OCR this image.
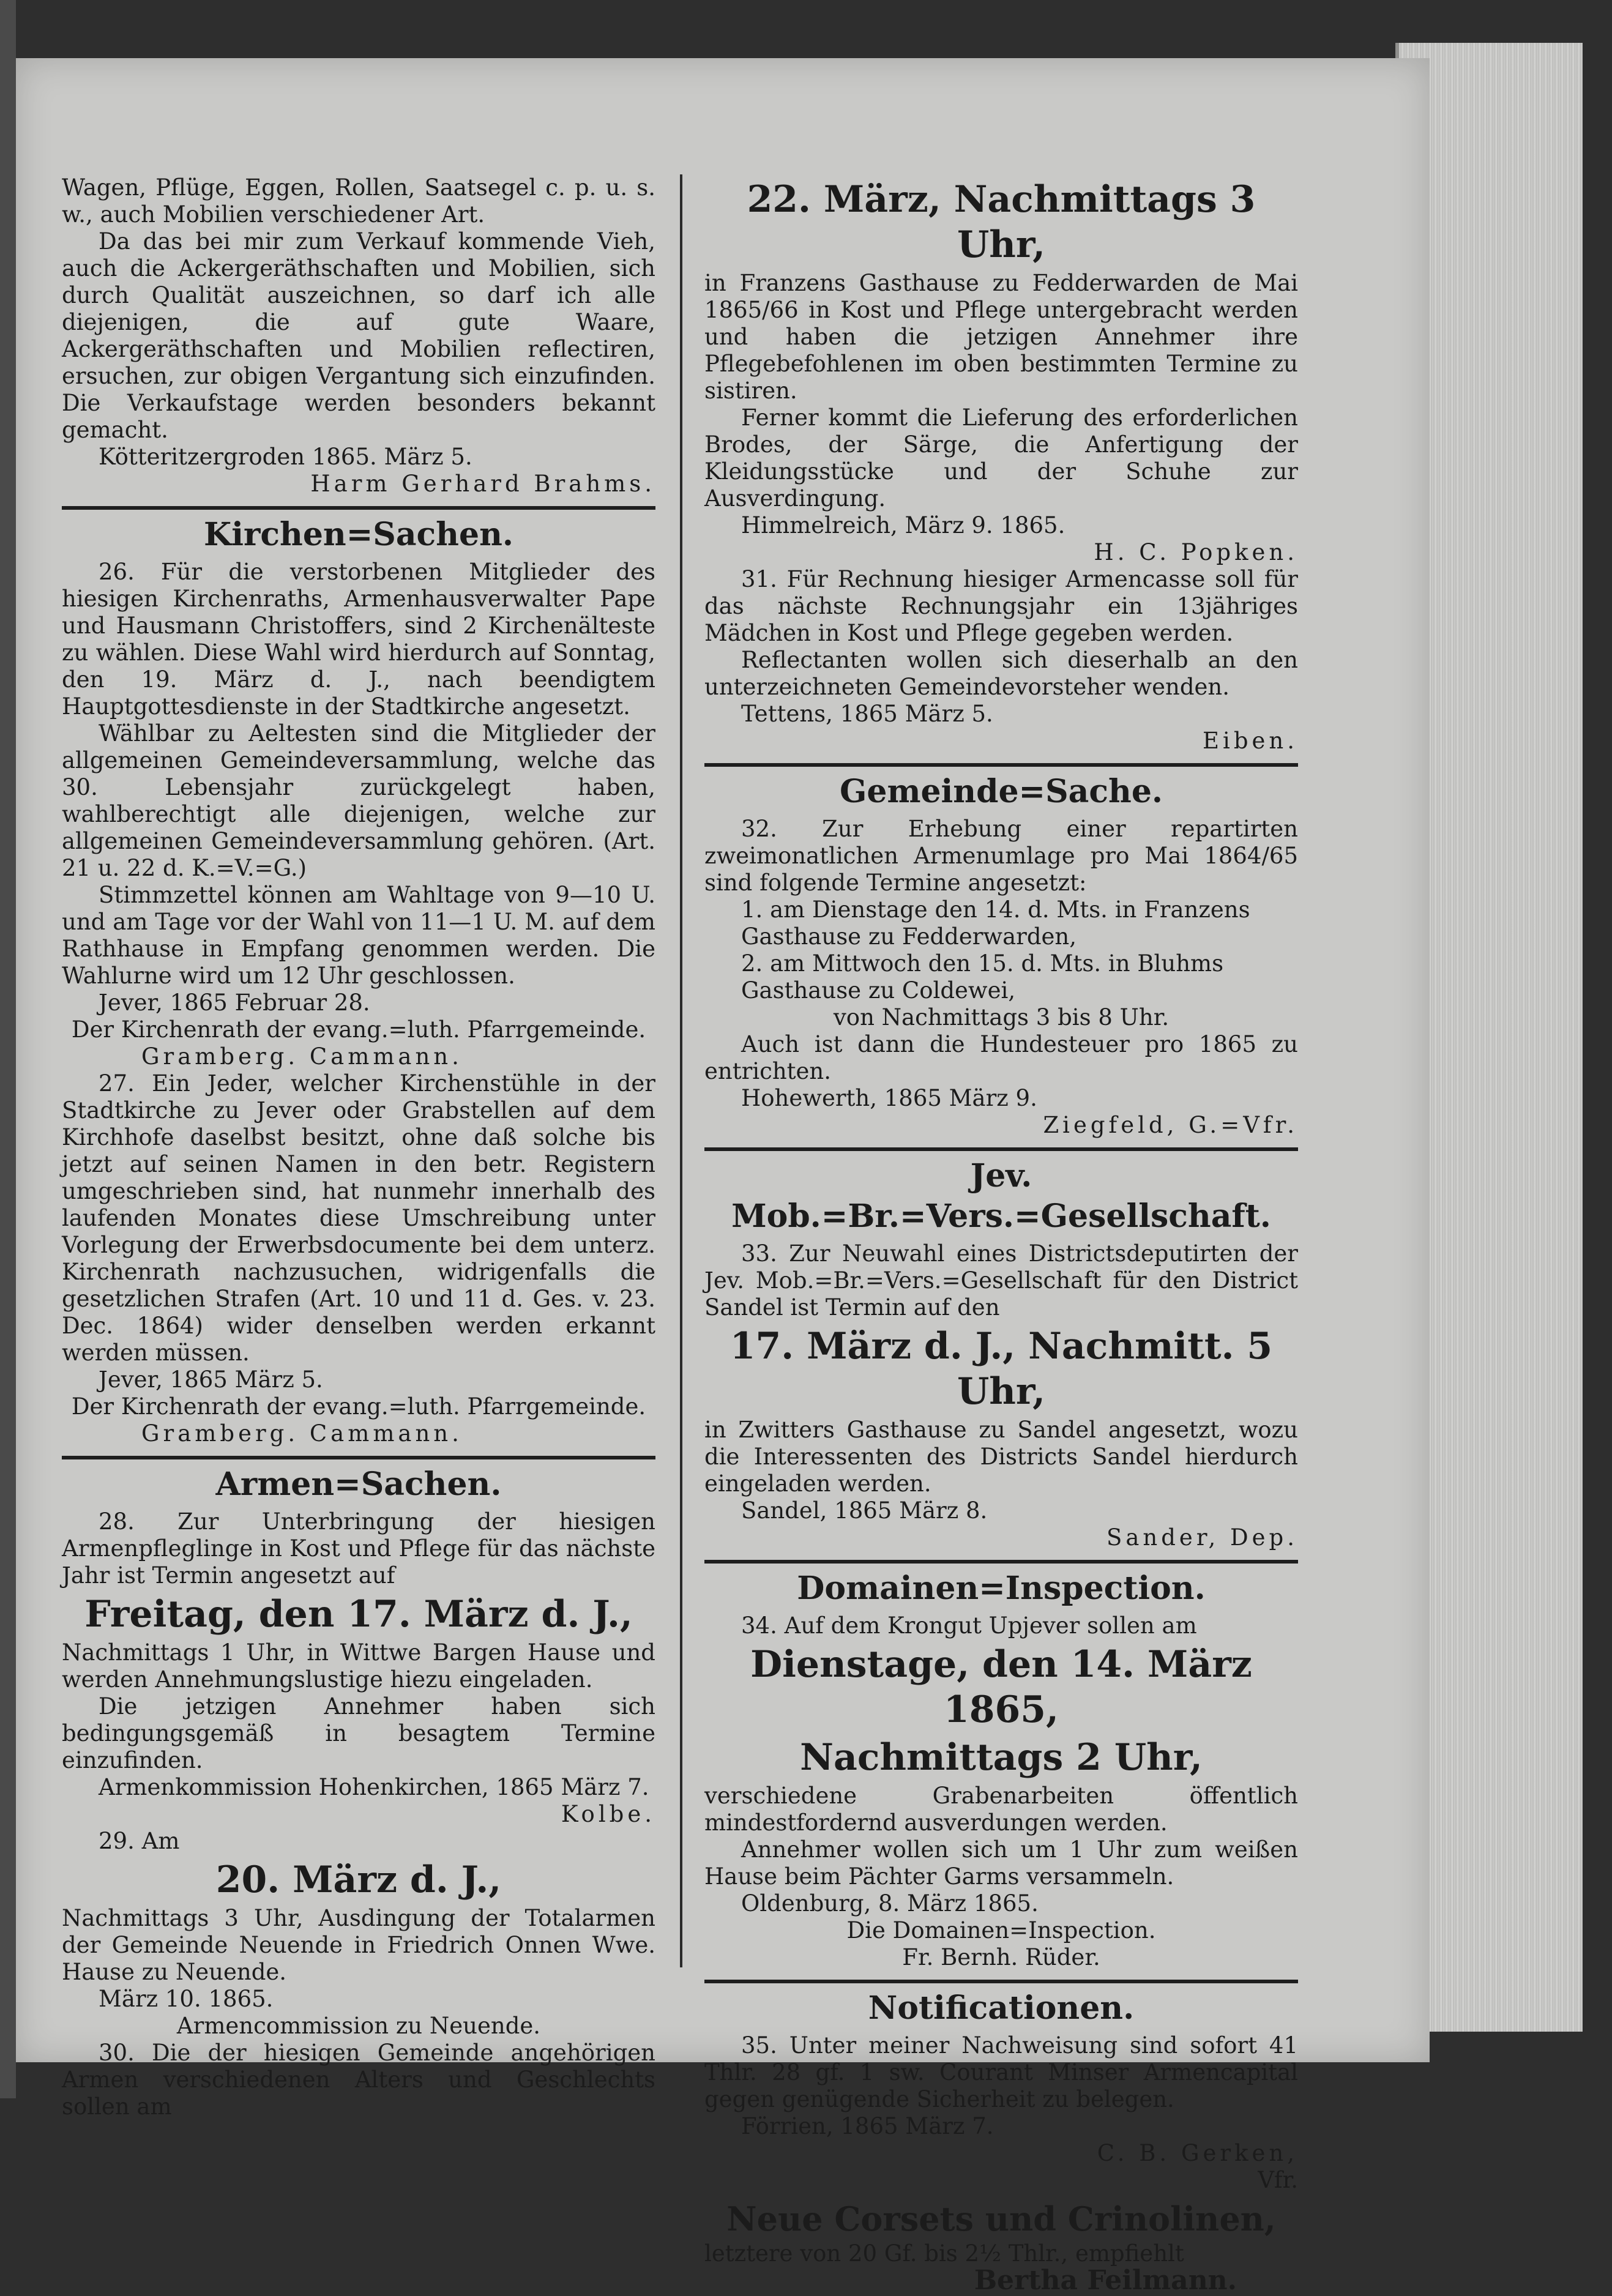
Wagen, Pflüge, Eggen, Rollen, Saatsegel c. p. u. s. w., auch Mobilien verschiedener Art.

Da das bei mir zum Verkauf kommende Vieh, auch die Ackergeräthschaften und Mobilien, sich durch Qualität auszeichnen, so darf ich alle diejenigen, die auf gute Waare, Ackergeräthschaften und Mobilien reflectiren, ersuchen, zur obigen Vergantung sich einzufinden. Die Verkaufstage werden besonders bekannt gemacht.

Kötteritzergroden 1865. März 5.

Harm Gerhard Brahms.

Kirchen=Sachen.

26. Für die verstorbenen Mitglieder des hiesigen Kirchenraths, Armenhausverwalter Pape und Hausmann Christoffers, sind 2 Kirchenälteste zu wählen. Diese Wahl wird hierdurch auf Sonntag, den 19. März d. J., nach beendigtem Hauptgottesdienste in der Stadtkirche angesetzt.

Wählbar zu Aeltesten sind die Mitglieder der allgemeinen Gemeindeversammlung, welche das 30. Lebensjahr zurückgelegt haben, wahlberechtigt alle diejenigen, welche zur allgemeinen Gemeindeversammlung gehören. (Art. 21 u. 22 d. K.=V.=G.)

Stimmzettel können am Wahltage von 9—10 U. und am Tage vor der Wahl von 11—1 U. M. auf dem Rathhause in Empfang genommen werden. Die Wahlurne wird um 12 Uhr geschlossen.

Jever, 1865 Februar 28.

Der Kirchenrath der evang.=luth. Pfarrgemeinde.

Gramberg. Cammann.

27. Ein Jeder, welcher Kirchenstühle in der Stadtkirche zu Jever oder Grabstellen auf dem Kirchhofe daselbst besitzt, ohne daß solche bis jetzt auf seinen Namen in den betr. Registern umgeschrieben sind, hat nunmehr innerhalb des laufenden Monates diese Umschreibung unter Vorlegung der Erwerbsdocumente bei dem unterz. Kirchenrath nachzusuchen, widrigenfalls die gesetzlichen Strafen (Art. 10 und 11 d. Ges. v. 23. Dec. 1864) wider denselben werden erkannt werden müssen.

Jever, 1865 März 5.

Der Kirchenrath der evang.=luth. Pfarrgemeinde.

Gramberg. Cammann.

Armen=Sachen.

28. Zur Unterbringung der hiesigen Armenpfleglinge in Kost und Pflege für das nächste Jahr ist Termin angesetzt auf

Freitag, den 17. März d. J.,

Nachmittags 1 Uhr, in Wittwe Bargen Hause und werden Annehmungslustige hiezu eingeladen.

Die jetzigen Annehmer haben sich bedingungsgemäß in besagtem Termine einzufinden.

Armenkommission Hohenkirchen, 1865 März 7.

Kolbe.

29. Am

20. März d. J.,

Nachmittags 3 Uhr, Ausdingung der Totalarmen der Gemeinde Neuende in Friedrich Onnen Wwe. Hause zu Neuende.

März 10. 1865.

Armencommission zu Neuende.

30. Die der hiesigen Gemeinde angehörigen Armen verschiedenen Alters und Geschlechts sollen am

22. März, Nachmittags 3 Uhr,

in Franzens Gasthause zu Fedderwarden de Mai 1865/66 in Kost und Pflege untergebracht werden und haben die jetzigen Annehmer ihre Pflegebefohlenen im oben bestimmten Termine zu sistiren.

Ferner kommt die Lieferung des erforderlichen Brodes, der Särge, die Anfertigung der Kleidungsstücke und der Schuhe zur Ausverdingung.

Himmelreich, März 9. 1865.

H. C. Popken.

31. Für Rechnung hiesiger Armencasse soll für das nächste Rechnungsjahr ein 13jähriges Mädchen in Kost und Pflege gegeben werden.

Reflectanten wollen sich dieserhalb an den unterzeichneten Gemeindevorsteher wenden.

Tettens, 1865 März 5.

Eiben.

Gemeinde=Sache.

32. Zur Erhebung einer repartirten zweimonatlichen Armenumlage pro Mai 1864/65 sind folgende Termine angesetzt:

1. am Dienstage den 14. d. Mts. in Franzens Gasthause zu Fedderwarden,

2. am Mittwoch den 15. d. Mts. in Bluhms Gasthause zu Coldewei,

von Nachmittags 3 bis 8 Uhr.

Auch ist dann die Hundesteuer pro 1865 zu entrichten.

Hohewerth, 1865 März 9.

Ziegfeld, G.=Vfr.

Jev. Mob.=Br.=Vers.=Gesellschaft.

33. Zur Neuwahl eines Districtsdeputirten der Jev. Mob.=Br.=Vers.=Gesellschaft für den District Sandel ist Termin auf den

17. März d. J., Nachmitt. 5 Uhr,

in Zwitters Gasthause zu Sandel angesetzt, wozu die Interessenten des Districts Sandel hierdurch eingeladen werden.

Sandel, 1865 März 8.

Sander, Dep.

Domainen=Inspection.

34. Auf dem Krongut Upjever sollen am

Dienstage, den 14. März 1865,
Nachmittags 2 Uhr,

verschiedene Grabenarbeiten öffentlich mindestfordernd ausverdungen werden.

Annehmer wollen sich um 1 Uhr zum weißen Hause beim Pächter Garms versammeln.

Oldenburg, 8. März 1865.

Die Domainen=Inspection.

Fr. Bernh. Rüder.

Notificationen.

35. Unter meiner Nachweisung sind sofort 41 Thlr. 28 gf. 1 sw. Courant Minser Armencapital gegen genügende Sicherheit zu belegen.

Förrien, 1865 März 7.

C. B. Gerken,

Vfr.

Neue Corsets und Crinolinen,

letztere von 20 Gf. bis 2½ Thlr., empfiehlt

Bertha Feilmann.
